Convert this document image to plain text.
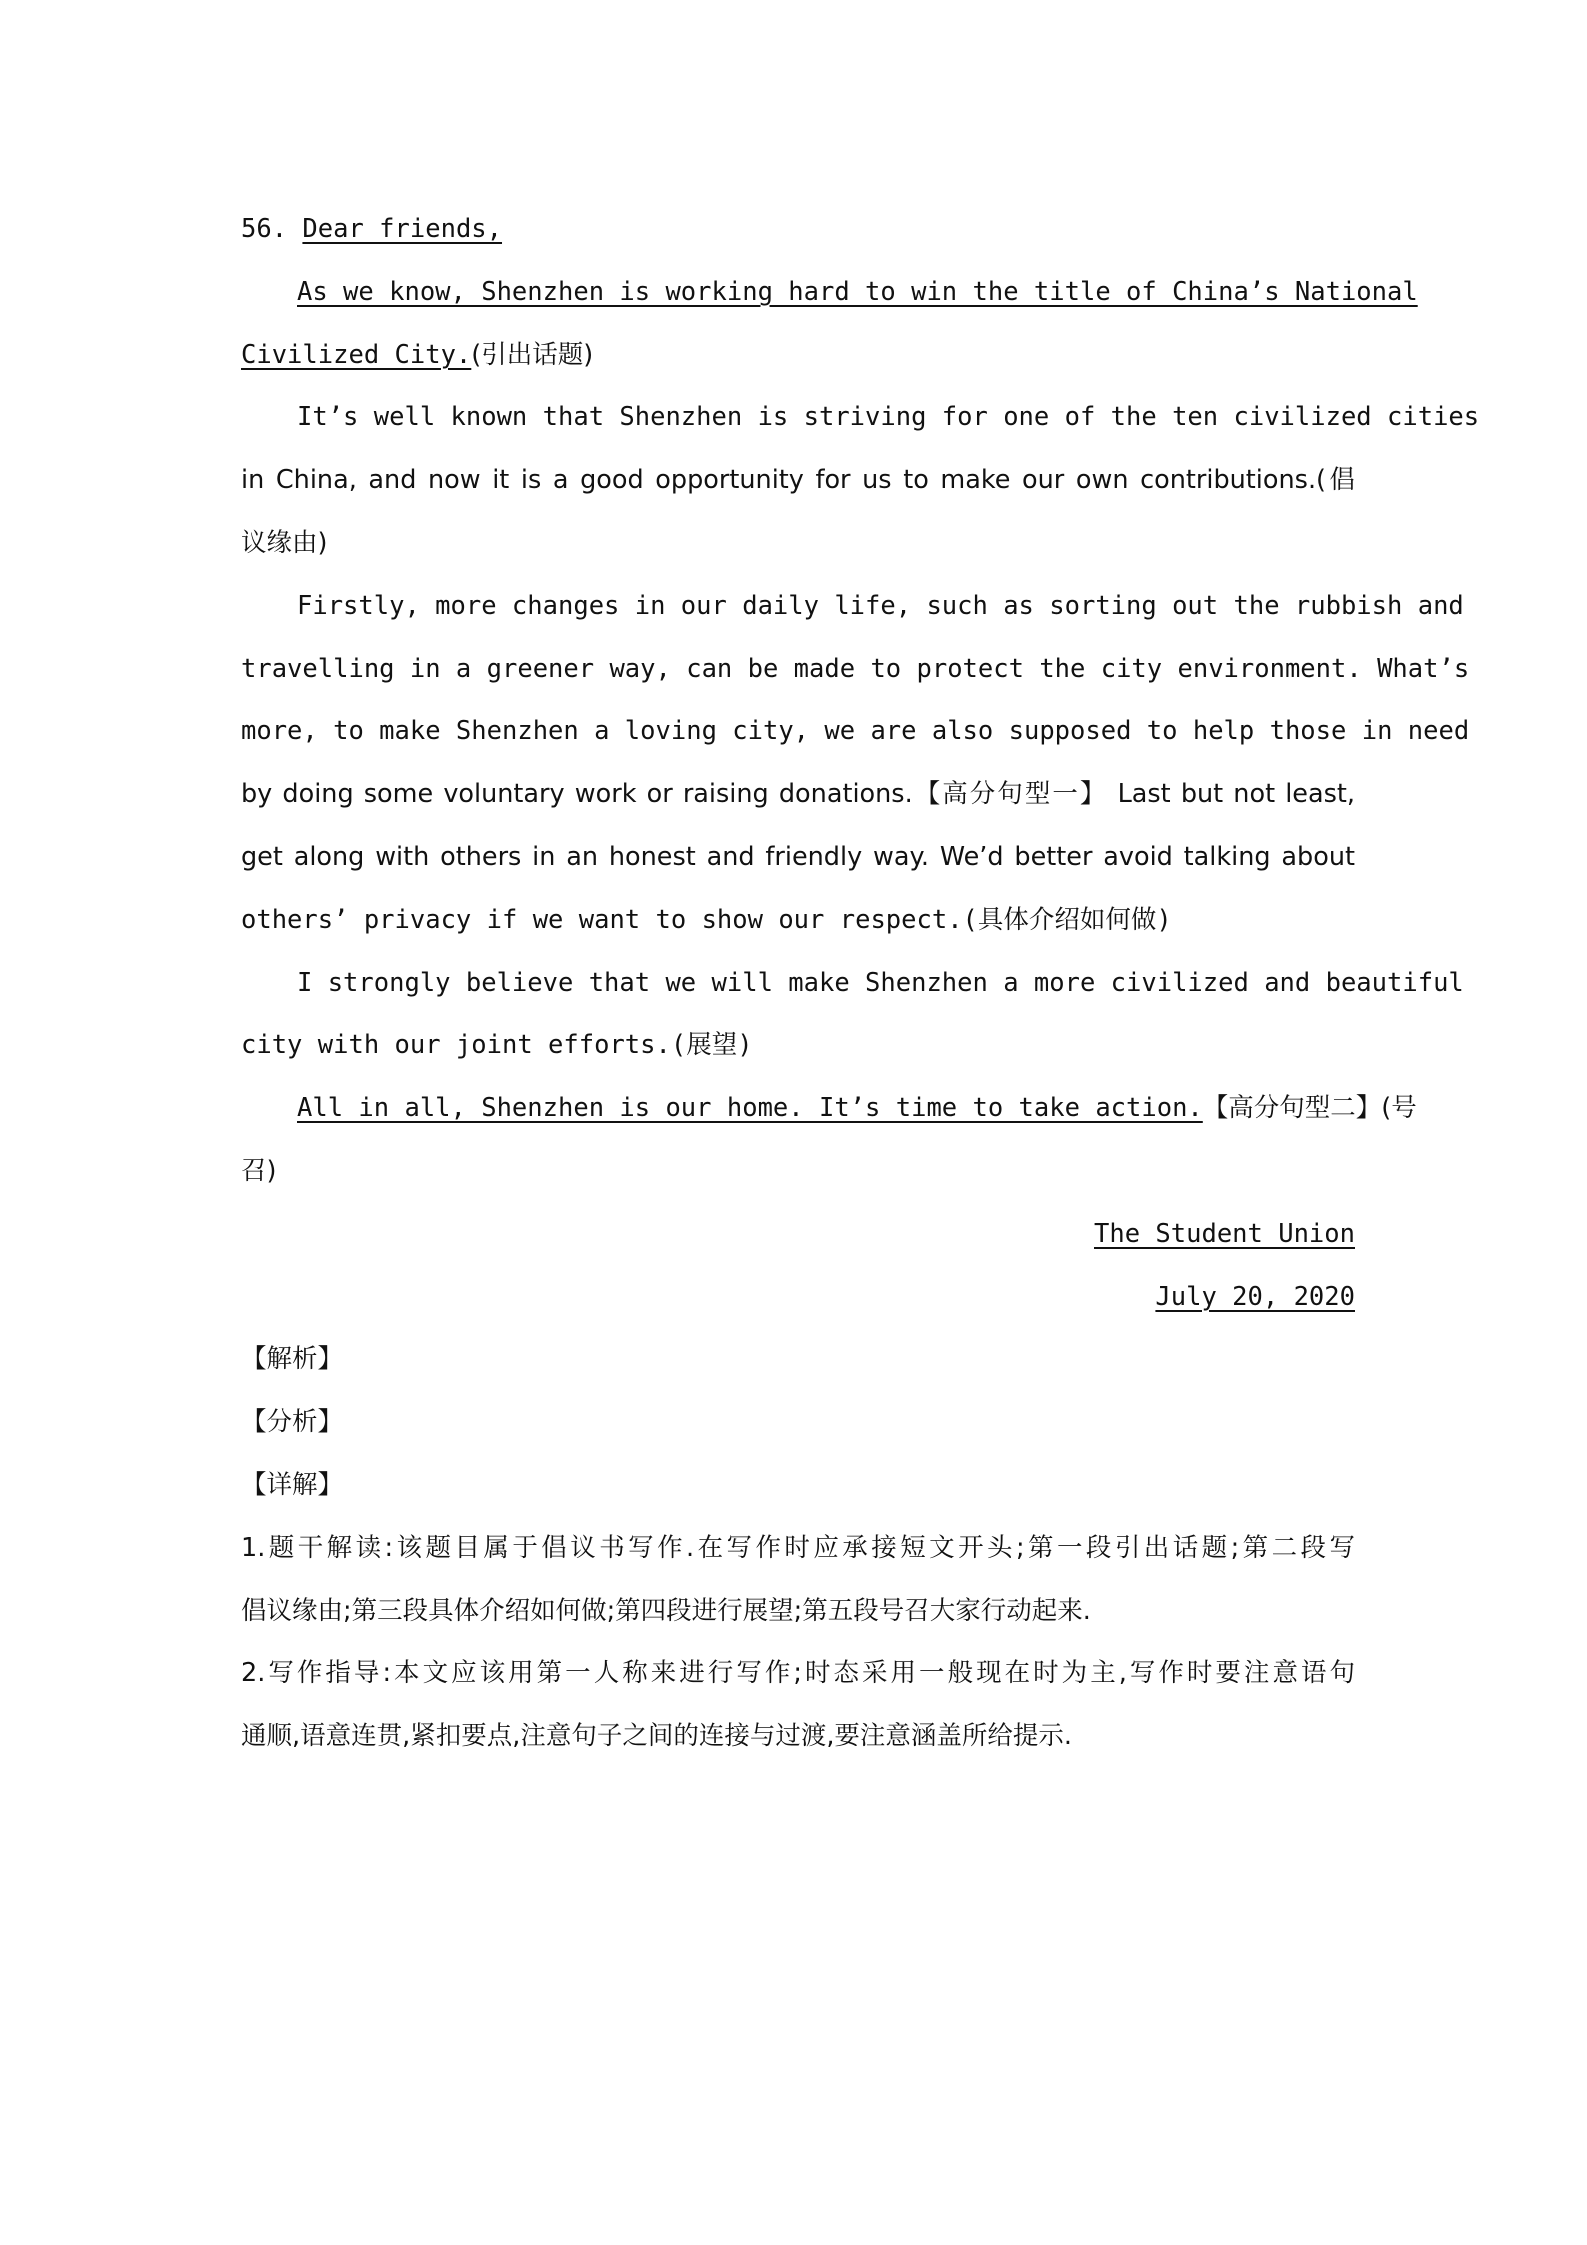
56. Dear friends,
As we know, Shenzhen is working hard to win the title of China’s National
Civilized City.(引出话题)
It’s well known that Shenzhen is striving for one of the ten civilized cities
in China, and now it is a good opportunity for us to make our own contributions.(倡
议缘由)
Firstly, more changes in our daily life, such as sorting out the rubbish and
travelling in a greener way, can be made to protect the city environment. What’s
more, to make Shenzhen a loving city, we are also supposed to help those in need
by doing some voluntary work or raising donations.【高分句型一】 Last but not least,
get along with others in an honest and friendly way. We’d better avoid talking about
others’ privacy if we want to show our respect.(具体介绍如何做)
I strongly believe that we will make Shenzhen a more civilized and beautiful
city with our joint efforts.(展望)
All in all, Shenzhen is our home. It’s time to take action.【高分句型二】(号
召)
The Student Union
July 20, 2020
【解析】
【分析】
【详解】
1.题干解读:该题目属于倡议书写作.在写作时应承接短文开头;第一段引出话题;第二段写
倡议缘由;第三段具体介绍如何做;第四段进行展望;第五段号召大家行动起来.
2.写作指导:本文应该用第一人称来进行写作;时态采用一般现在时为主,写作时要注意语句
通顺,语意连贯,紧扣要点,注意句子之间的连接与过渡,要注意涵盖所给提示.
